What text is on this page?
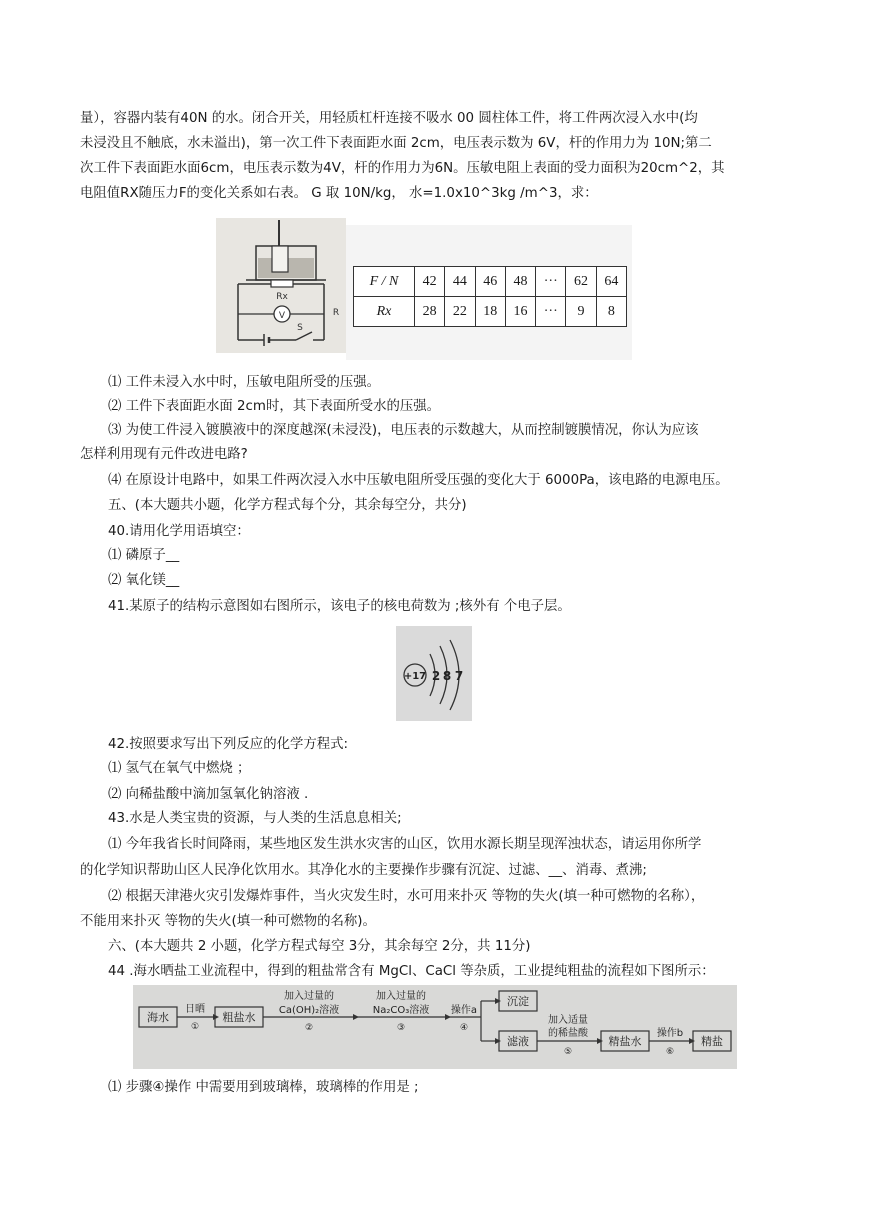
量），容器内装有40N 的水。闭合开关，用轻质杠杆连接不吸水 00 圆柱体工件，将工件两次浸入水中(均
未浸没且不触底，水未溢出)，第一次工件下表面距水面 2cm，电压表示数为 6V，杆的作用力为 10N;第二
次工件下表面距水面6cm，电压表示数为4V，杆的作用力为6N。压敏电阻上表面的受力面积为20cm^2，其
电阻值RX随压力F的变化关系如右表。 G 取 10N/kg， 水=1.0x10^3kg /m^3，求：
Rx
V	R
S
F / N	42	44	46	48	···	62	64
Rx	28	22	18	16	···	9	8
⑴ 工件未浸入水中时，压敏电阻所受的压强。
⑵ 工件下表面距水面 2cm时，其下表面所受水的压强。
⑶ 为使工件浸入镀膜液中的深度越深(未浸没)，电压表的示数越大，从而控制镀膜情况，你认为应该
怎样利用现有元件改进电路?
⑷ 在原设计电路中，如果工件两次浸入水中压敏电阻所受压强的变化大于 6000Pa，该电路的电源电压。
五、(本大题共小题，化学方程式每个分，其余每空分，共分)
40.请用化学用语填空：
⑴ 磷原子__
⑵ 氧化镁__
41.某原子的结构示意图如右图所示，该电子的核电荷数为 ;核外有 个电子层。
+17 2 8 7
42.按照要求写出下列反应的化学方程式:
⑴ 氢气在氧气中燃烧 ；
⑵ 向稀盐酸中滴加氢氧化钠溶液 .
43.水是人类宝贵的资源，与人类的生活息息相关;
⑴ 今年我省长时间降雨，某些地区发生洪水灾害的山区，饮用水源长期呈现浑浊状态，请运用你所学
的化学知识帮助山区人民净化饮用水。其净化水的主要操作步骤有沉淀、过滤、__、消毒、煮沸;
⑵ 根据天津港火灾引发爆炸事件，当火灾发生时，水可用来扑灭 等物的失火(填一种可燃物的名称），
不能用来扑灭 等物的失火(填一种可燃物的名称)。
六、(本大题共 2 小题，化学方程式每空 3分，其余每空 2分，共 11分)
44 .海水晒盐工业流程中，得到的粗盐常含有 MgCl、CaCl 等杂质，工业提纯粗盐的流程如下图所示：
海水
日晒
①
粗盐水
加入过量的
Ca(OH)₂溶液
②
加入过量的
Na₂CO₃溶液
③
操作a
④
沉淀
滤液
加入适量
的稀盐酸
⑤
精盐水
操作b
⑥
精盐
⑴ 步骤④操作 中需要用到玻璃棒，玻璃棒的作用是 ;
